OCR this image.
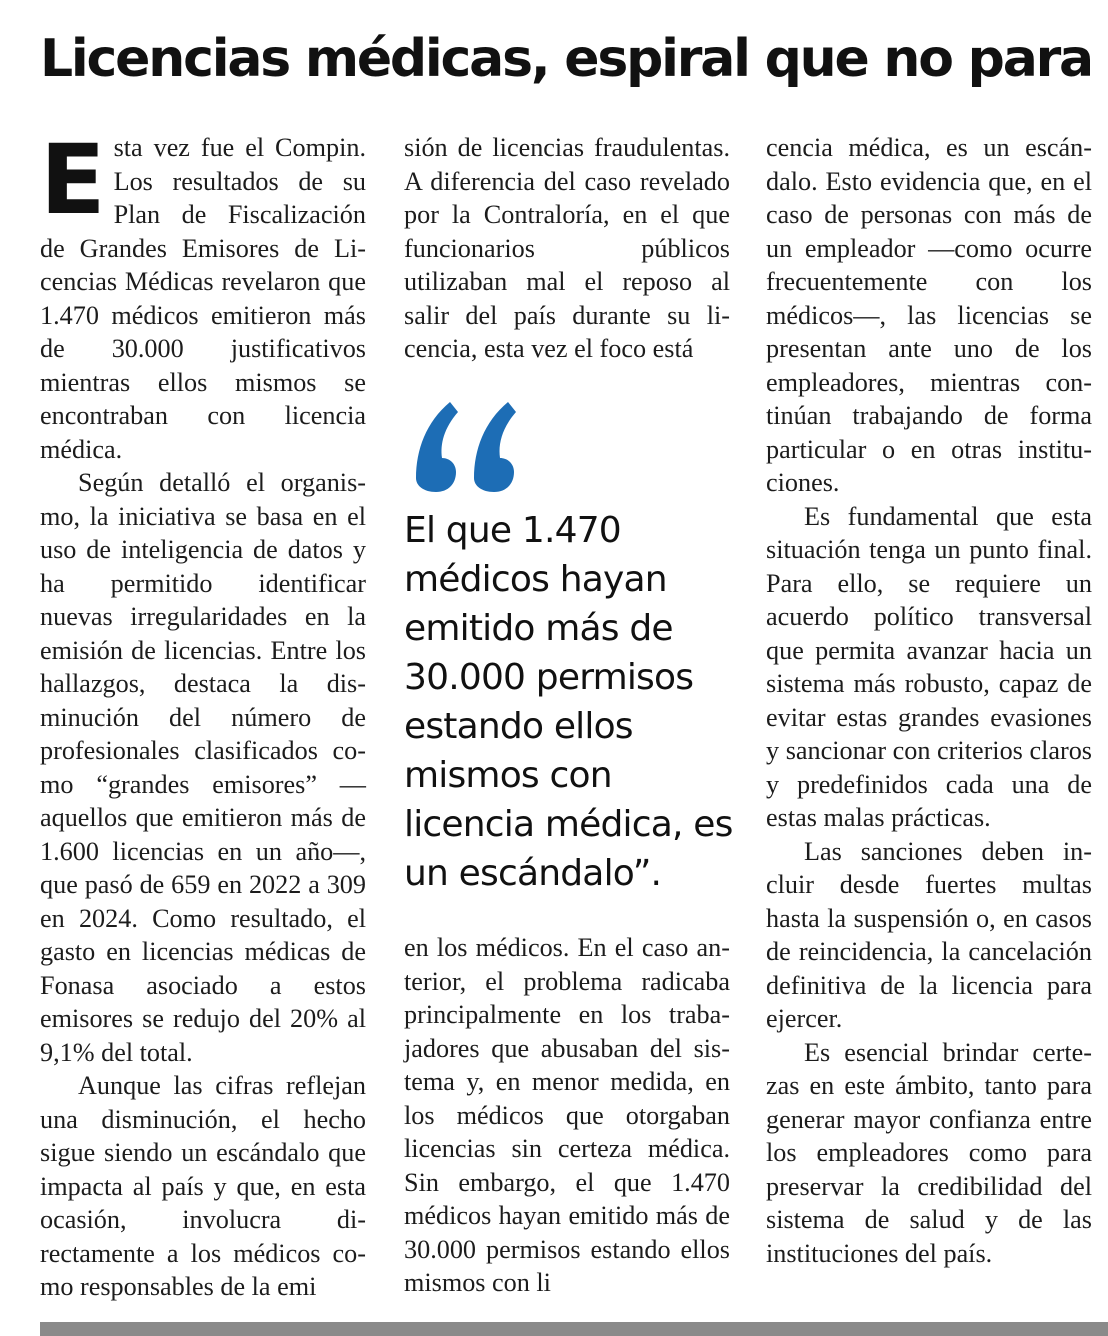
Licencias médicas, espiral que no para

Esta vez fue el Compin. Los resultados de su Plan de Fiscalización de Grandes Emisores de Licencias Médicas revelaron que 1.470 médicos emitieron más de 30.000 justificativos mientras ellos mismos se encontraban con licencia médica.

Según detalló el organismo, la iniciativa se basa en el uso de inteligencia de datos y ha permitido identificar nuevas irregularidades en la emisión de licencias. Entre los hallazgos, destaca la disminución del número de profesionales clasificados como “grandes emisores” —aquellos que emitieron más de 1.600 licencias en un año—, que pasó de 659 en 2022 a 309 en 2024. Como resultado, el gasto en licencias médicas de Fonasa asociado a estos emisores se redujo del 20% al 9,1% del total.

Aunque las cifras reflejan una disminución, el hecho sigue siendo un escándalo que impacta al país y que, en esta ocasión, involucra directamente a los médicos como responsables de la emi

sión de licencias fraudulentas. A diferencia del caso revelado por la Contraloría, en el que funcionarios públicos utilizaban mal el reposo al salir del país durante su licencia, esta vez el foco está

El que 1.470 médicos hayan emitido más de 30.000 permisos estando ellos mismos con licencia médica, es un escándalo”.

en los médicos. En el caso anterior, el problema radicaba principalmente en los trabajadores que abusaban del sistema y, en menor medida, en los médicos que otorgaban licencias sin certeza médica. Sin embargo, el que 1.470 médicos hayan emitido más de 30.000 permisos estando ellos mismos con li

cencia médica, es un escándalo. Esto evidencia que, en el caso de personas con más de un empleador —como ocurre frecuentemente con los médicos—, las licencias se presentan ante uno de los empleadores, mientras continúan trabajando de forma particular o en otras instituciones.

Es fundamental que esta situación tenga un punto final. Para ello, se requiere un acuerdo político transversal que permita avanzar hacia un sistema más robusto, capaz de evitar estas grandes evasiones y sancionar con criterios claros y predefinidos cada una de estas malas prácticas.

Las sanciones deben incluir desde fuertes multas hasta la suspensión o, en casos de reincidencia, la cancelación definitiva de la licencia para ejercer.

Es esencial brindar certezas en este ámbito, tanto para generar mayor confianza entre los empleadores como para preservar la credibilidad del sistema de salud y de las instituciones del país.
